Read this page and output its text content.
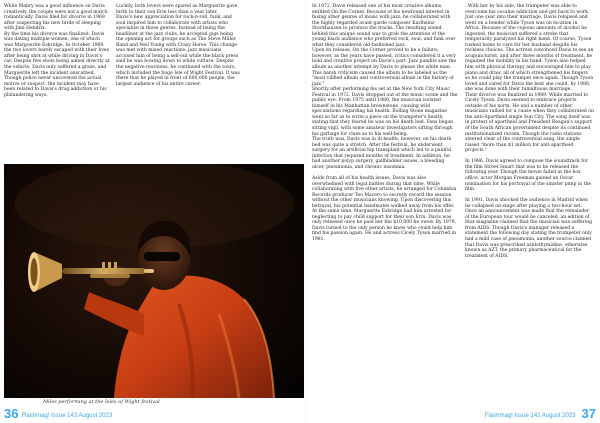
While Mabry was a good influence on Davis creatively, the couple were not a good match romantically. Davis filed for divorce in 1969 after suspecting his new bride of sleeping with Jimi Hendrix.

By the time his divorce was finalized, Davis was dating multiple women, one of which was Marguerite Eskridge. In October 1969, the two lovers barely escaped with their lives after being shot at while driving in Davis's car. Despite five shots being aimed directly at the vehicle, Davis only suffered a graze, and Marguerite left the incident unscathed. Though police never uncovered the actual motive or suspect, the incident may have been related to Davis's drug addiction or his philandering ways.

Luckily, both lovers were spared as Marguerite gave birth to their son Erin less than a year later.

Davis's new appreciation for rock-n-roll, funk, and soul inspired him to collaborate with artists who specialize in those genres. Instead of being the headliner at the jazz clubs, he accepted gigs being the opening act for groups such as The Steve Miller Band and Neil Young with Crazy Horse. This change was met with mixed reactions: jazz musicians accused him of being a sell-out while the black press said he was bowing down to white culture. Despite the negative reactions, he continued with the tours, which included the huge Isle of Wight Festival. It was there that he played in front of 600,000 people, the largest audience of his entire career.

Miles performing at the Isles of Wight festival
36 Flashmag! Issue 143 August 2023

In 1972, Davis released one of his most creative albums, entitled On the Corner. Because of his newfound interest in fusing other genres of music with jazz, he collaborated with the highly regarded avant-garde composer Karlheinz Stockhausen to produce the tracks. The resulting sound behind this unique sound was to grab the attention of the young black audience who preferred rock, soul, and funk over what they considered old-fashioned jazz.

Upon its release, On the Corner proved to be a failure; however, as the years have passed, critics considered it a very bold and creative project on Davis's part. Jazz pundits saw the album as another attempt by Davis to please the white man. This harsh criticism caused the album to be labeled as the "most vilified album and controversial album in the history of jazz."

Shortly after performing his set at the New York City Music Festival in 1972, Davis dropped out of the music scene and the public eye. From 1975 until 1980, the musician isolated himself in his Manhattan brownstone, causing wild speculations regarding his health. Rolling Stone magazine went so far as to write a piece on the trumpeter's health, stating that they feared he was on his death bed. Fans began sitting vigil, with some amateur investigators sifting through his garbage for clues as to his well-being.

The truth was, Davis was in ill-health; however, on his death bed was quite a stretch. After the festival, he underwent surgery for an artificial hip transplant which led to a painful infection that required months of treatment. In addition, he had another polyp surgery, gallbladder issues, a bleeding ulcer, pneumonia, and chronic insomnia.

Aside from all of his health issues, Davis was also overwhelmed with legal battles during that time. While collaborating with five other artists, he arranged for Columbia Records producer Teo Macero to secretly record the session without the other musicians knowing. Upon discovering this betrayal, his potential bandmates walked away from his offer.

At the same time, Marguerite Eskridge had him arrested for neglecting to pay child support for their son Erin. Davis was only released once he paid her the $10,000 he owed. By 1979, Davis turned to the only person he knew who could help him find his passion again. He and actress Cicely Tyson married in 1981.

. With her by his side, the trumpeter was able to overcome his cocaine addiction and get back to work. Just one year into their marriage, Davis relapsed and went on a bender while Tyson was on location in Africa. Because of the copious amounts of alcohol he ingested, the musician suffered a stroke that temporarily paralyzed his right hand. Of course, Tyson rushed home to care for her husband despite his reckless choices. The actress convinced Davis to see an acupuncturist, and after three months of treatment, he regained the mobility in his hand. Tyson also helped him with physical therapy and encouraged him to play piano and draw, all of which strengthened his fingers so he could play the trumpet once again. Though Tyson loved and cared for Davis the best she could, by 1988, she was done with their tumultuous marriage.

Their divorce was finalized in 1989. While married to Cicely Tyson, Davis seemed to embrace projects outside of his norm. He and a number of other musicians rallied for a cause when they collaborated on the anti-Apartheid single Sun City. The song itself was in protest of apartheid and President Reagan's support of the South African government despite its continued institutionalized racism. Though the radio stations steered clear of the controversial song, the single raised "more than $1 million for anti-apartheid projects."

In 1986, Davis agreed to compose the soundtrack for the film Street Smart that was to be released the following year. Though the movie failed at the box office, actor Morgan Freeman gained an Oscar nomination for his portrayal of the sinister pimp in the film.

In 1991, Davis shocked the audience in Madrid when he collapsed on-stage after playing a two-hour set. Once an announcement was made that the remainder of the European tour would be canceled, an edition of Star magazine claimed that the musician was suffering from AIDS. Though Davis's manager released a statement the following day stating the trumpeter only had a mild case of pneumonia, another source claimed that Davis was prescribed azidothymidine, otherwise known as AZT, the primary pharmaceutical for the treatment of AIDS.

Flashmag! Issue 142 August 2023 37
